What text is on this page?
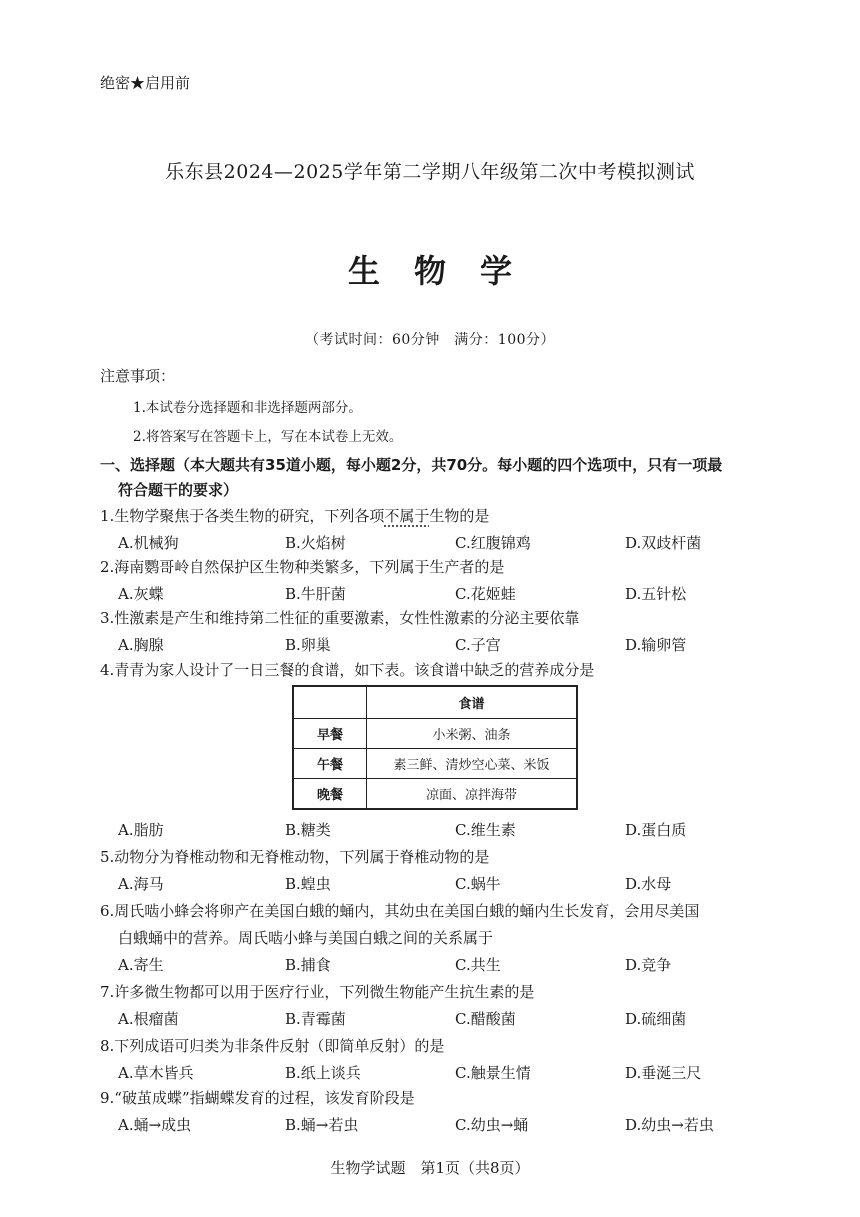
绝密★启用前
乐东县2024—2025学年第二学期八年级第二次中考模拟测试
生物学
（考试时间：60分钟　满分：100分）
注意事项：
1.本试卷分选择题和非选择题两部分。
2.将答案写在答题卡上，写在本试卷上无效。
一、选择题（本大题共有35道小题，每小题2分，共70分。每小题的四个选项中，只有一项最
符合题干的要求）
1.生物学聚焦于各类生物的研究，下列各项不属于生物的是
A.机械狗	B.火焰树	C.红腹锦鸡	D.双歧杆菌
2.海南鹦哥岭自然保护区生物种类繁多，下列属于生产者的是
A.灰蝶	B.牛肝菌	C.花姬蛙	D.五针松
3.性激素是产生和维持第二性征的重要激素，女性性激素的分泌主要依靠
A.胸腺	B.卵巢	C.子宫	D.输卵管
4.青青为家人设计了一日三餐的食谱，如下表。该食谱中缺乏的营养成分是
	食谱
早餐	小米粥、油条
午餐	素三鲜、清炒空心菜、米饭
晚餐	凉面、凉拌海带
A.脂肪	B.糖类	C.维生素	D.蛋白质
5.动物分为脊椎动物和无脊椎动物，下列属于脊椎动物的是
A.海马	B.蝗虫	C.蜗牛	D.水母
6.周氏啮小蜂会将卵产在美国白蛾的蛹内，其幼虫在美国白蛾的蛹内生长发育，会用尽美国
白蛾蛹中的营养。周氏啮小蜂与美国白蛾之间的关系属于
A.寄生	B.捕食	C.共生	D.竞争
7.许多微生物都可以用于医疗行业，下列微生物能产生抗生素的是
A.根瘤菌	B.青霉菌	C.醋酸菌	D.硫细菌
8.下列成语可归类为非条件反射（即简单反射）的是
A.草木皆兵	B.纸上谈兵	C.触景生情	D.垂涎三尺
9.“破茧成蝶”指蝴蝶发育的过程，该发育阶段是
A.蛹→成虫	B.蛹→若虫	C.幼虫→蛹	D.幼虫→若虫
生物学试题　第1页（共8页）
